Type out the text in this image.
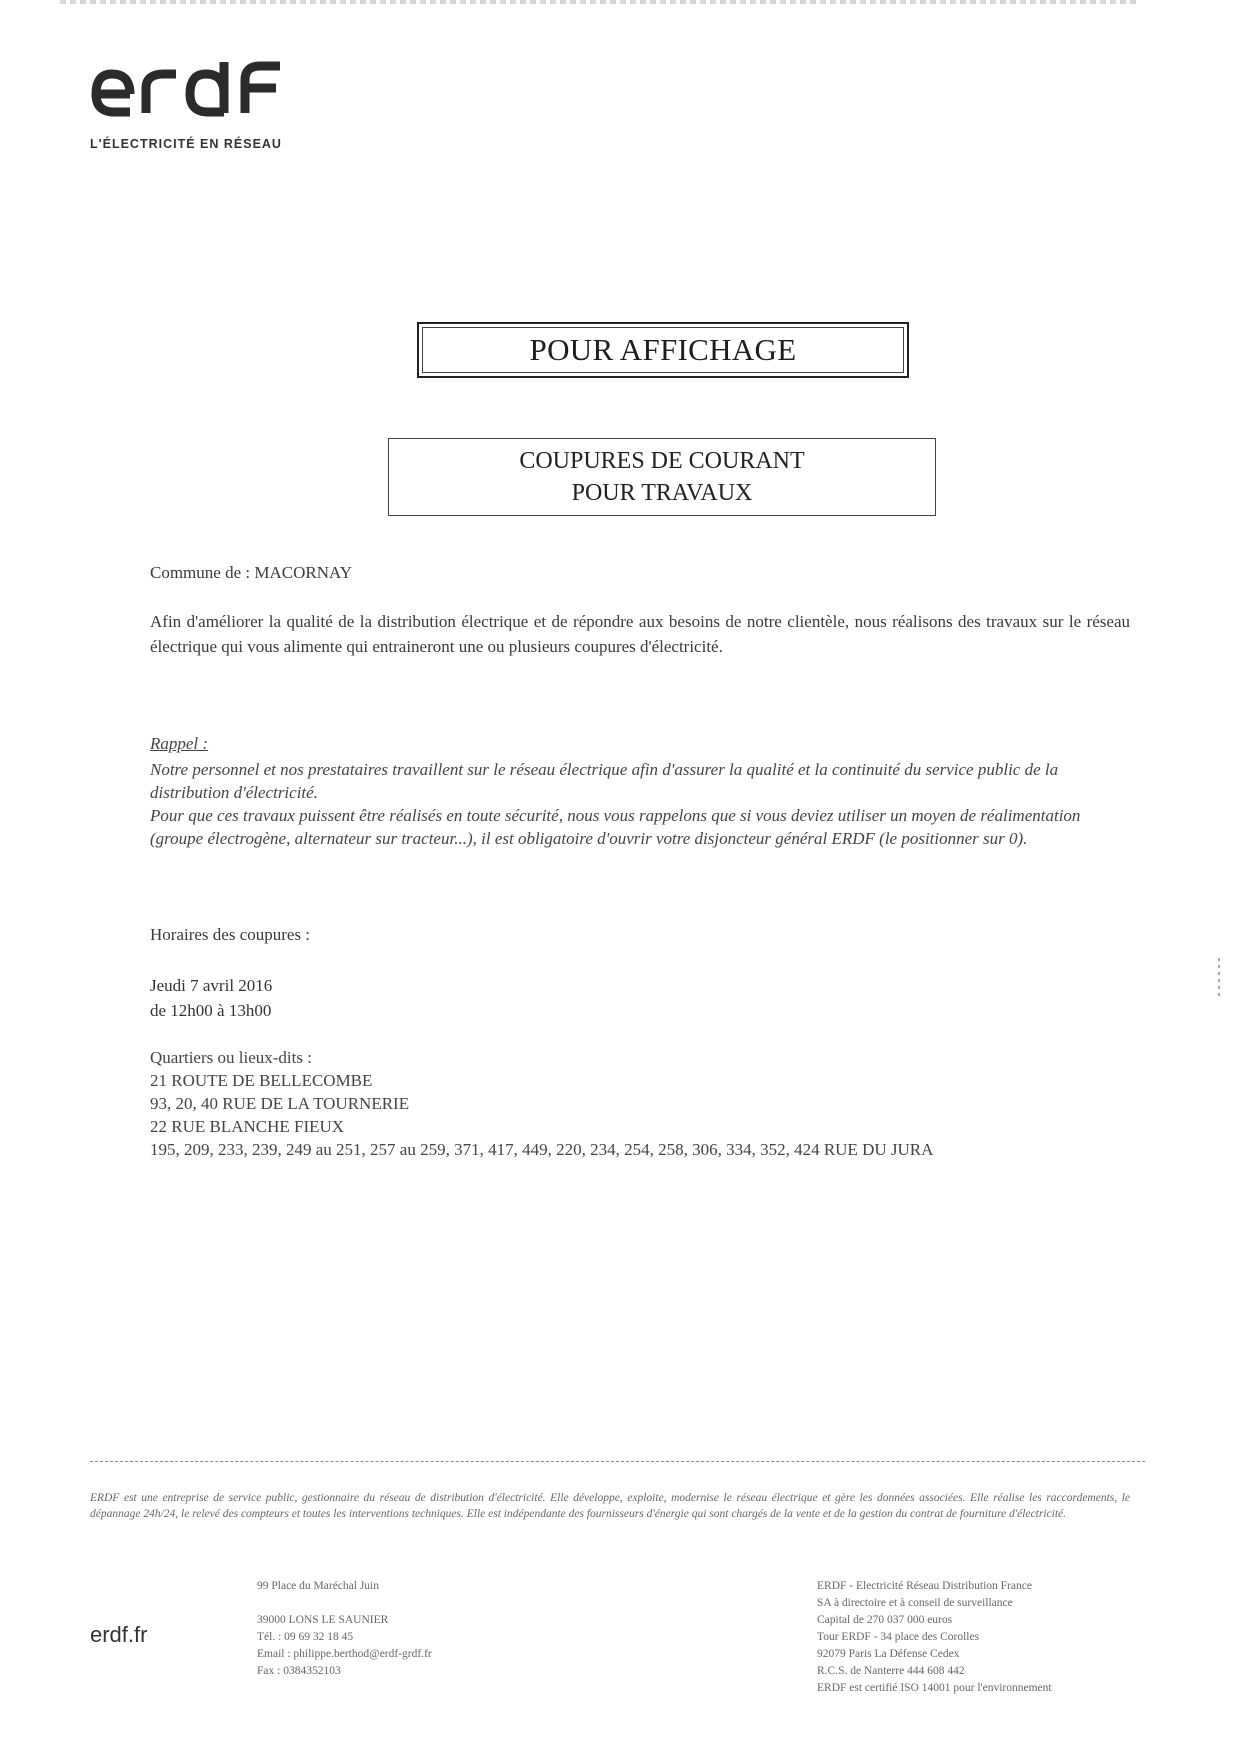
L'ÉLECTRICITÉ EN RÉSEAU
POUR AFFICHAGE
COUPURES DE COURANT
POUR TRAVAUX
Commune de : MACORNAY
Afin d'améliorer la qualité de la distribution électrique et de répondre aux besoins de notre clientèle, nous réalisons des travaux sur le réseau électrique qui vous alimente qui entraineront une ou plusieurs coupures d'électricité.
Rappel :

Notre personnel et nos prestataires travaillent sur le réseau électrique afin d'assurer la qualité et la continuité du service public de la distribution d'électricité.

Pour que ces travaux puissent être réalisés en toute sécurité, nous vous rappelons que si vous deviez utiliser un moyen de réalimentation (groupe électrogène, alternateur sur tracteur...), il est obligatoire d'ouvrir votre disjoncteur général ERDF (le positionner sur 0).

Horaires des coupures :
Jeudi 7 avril 2016
de 12h00 à 13h00
Quartiers ou lieux-dits :
21 ROUTE DE BELLECOMBE
93, 20, 40 RUE DE LA TOURNERIE
22 RUE BLANCHE FIEUX
195, 209, 233, 239, 249 au 251, 257 au 259, 371, 417, 449, 220, 234, 254, 258, 306, 334, 352, 424 RUE DU JURA
ERDF est une entreprise de service public, gestionnaire du réseau de distribution d'électricité. Elle développe, exploite, modernise le réseau électrique et gère les données associées. Elle réalise les raccordements, le dépannage 24h/24, le relevé des compteurs et toutes les interventions techniques. Elle est indépendante des fournisseurs d'énergie qui sont chargés de la vente et de la gestion du contrat de fourniture d'électricité.
erdf.fr
99 Place du Maréchal Juin
39000 LONS LE SAUNIER
Tél. : 09 69 32 18 45
Email : philippe.berthod@erdf-grdf.fr
Fax : 0384352103
ERDF - Electricité Réseau Distribution France
SA à directoire et à conseil de surveillance
Capital de 270 037 000 euros
Tour ERDF - 34 place des Corolles
92079 Paris La Défense Cedex
R.C.S. de Nanterre 444 608 442
ERDF est certifié ISO 14001 pour l'environnement
